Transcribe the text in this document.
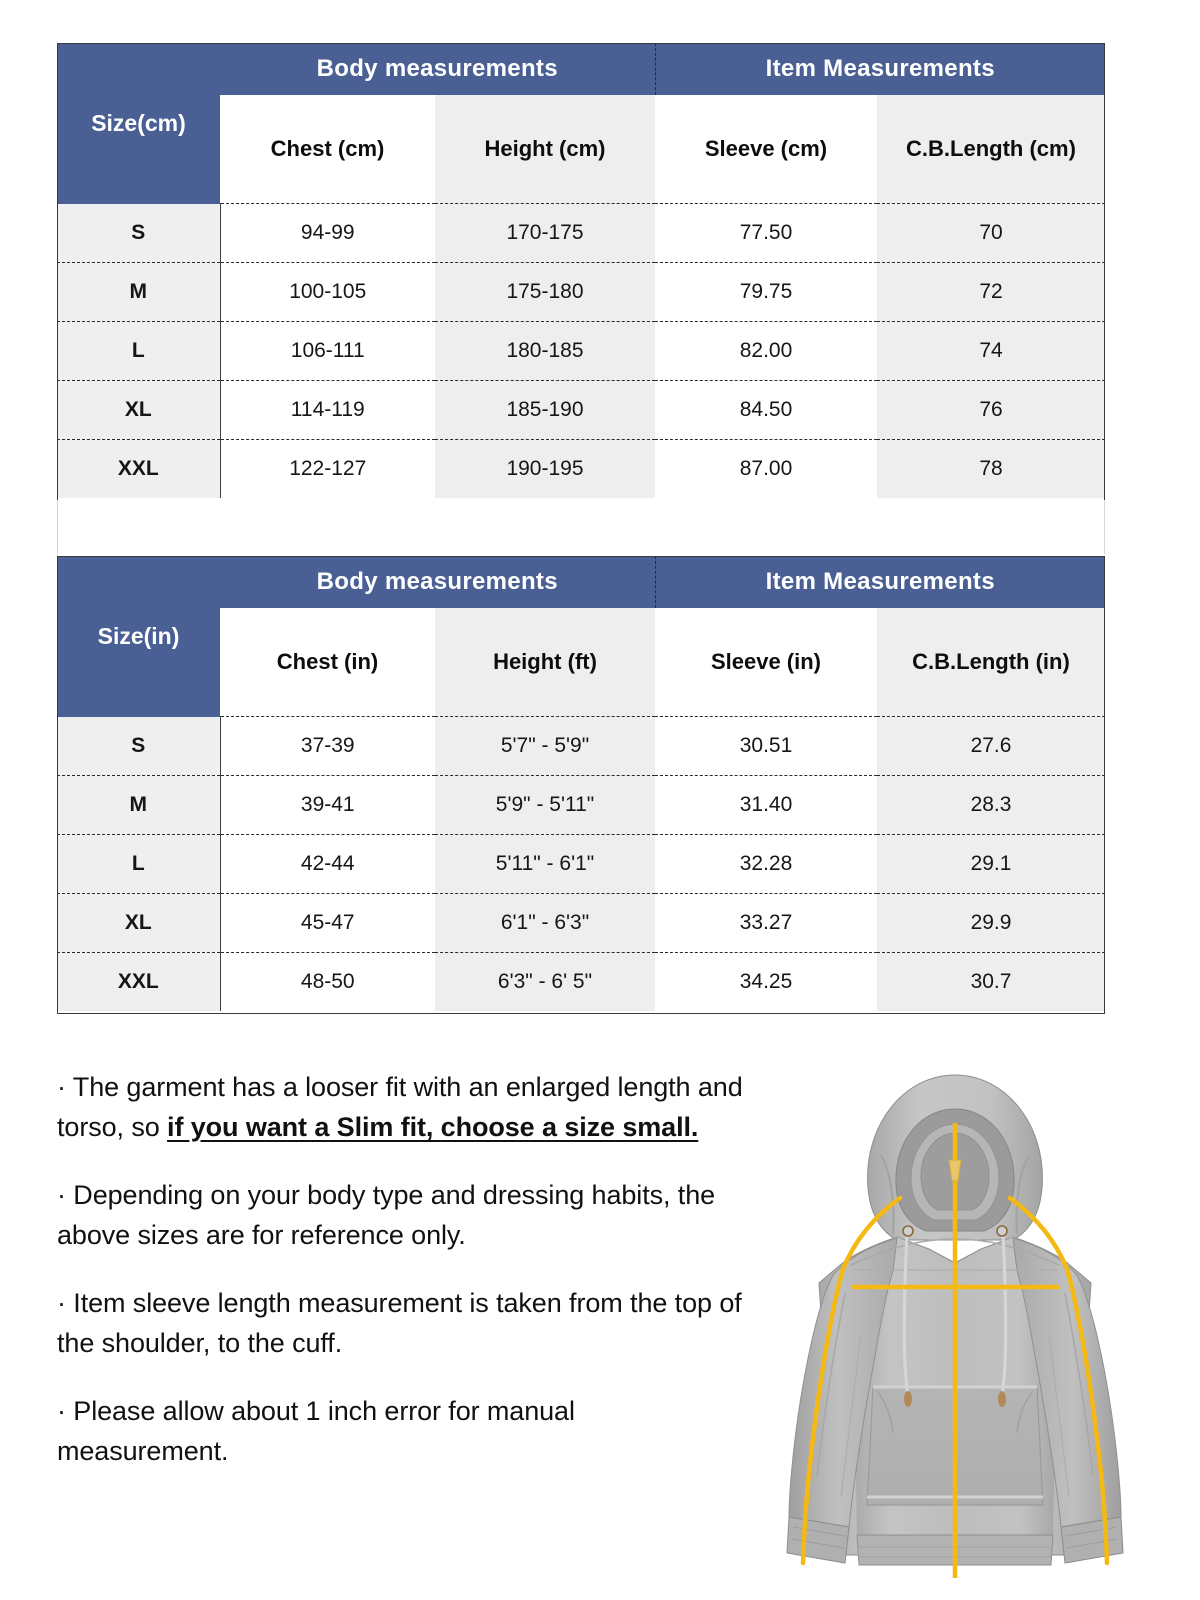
Size(cm)	Body measurements		Item Measurements	
	Chest (cm)	Height (cm)	Sleeve (cm)	C.B.Length (cm)
S	94-99	170-175	77.50	70
M	100-105	175-180	79.75	72
L	106-111	180-185	82.00	74
XL	114-119	185-190	84.50	76
XXL	122-127	190-195	87.00	78
Size(in)	Body measurements		Item Measurements	
	Chest (in)	Height (ft)	Sleeve (in)	C.B.Length (in)
S	37-39	5'7" - 5'9"	30.51	27.6
M	39-41	5'9" - 5'11"	31.40	28.3
L	42-44	5'11" - 6'1"	32.28	29.1
XL	45-47	6'1" - 6'3"	33.27	29.9
XXL	48-50	6'3" - 6' 5"	34.25	30.7

· The garment has a looser fit with an enlarged length and torso, so if you want a Slim fit, choose a size small.

· Depending on your body type and dressing habits, the above sizes are for reference only.

· Item sleeve length measurement is taken from the top of the shoulder, to the cuff.

· Please allow about 1 inch error for manual measurement.
